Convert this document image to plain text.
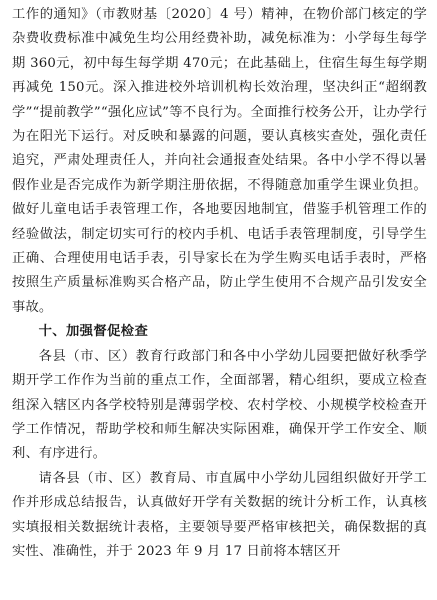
工作的通知》（市教财基〔2020〕4 号）精神，在物价部门核定的学杂费收费标准中减免生均公用经费补助，减免标准为：小学每生每学期 360元，初中每生每学期 470元；在此基础上，住宿生每生每学期再减免 150元。深入推进校外培训机构长效治理，坚决纠正“超纲教学”“提前教学”“强化应试”等不良行为。全面推行校务公开，让办学行为在阳光下运行。对反映和暴露的问题，要认真核实查处，强化责任追究，严肃处理责任人，并向社会通报查处结果。各中小学不得以暑假作业是否完成作为新学期注册依据，不得随意加重学生课业负担。做好儿童电话手表管理工作，各地要因地制宜，借鉴手机管理工作的经验做法，制定切实可行的校内手机、电话手表管理制度，引导学生正确、合理使用电话手表，引导家长在为学生购买电话手表时，严格按照生产质量标准购买合格产品，防止学生使用不合规产品引发安全事故。

十、加强督促检查

各县（市、区）教育行政部门和各中小学幼儿园要把做好秋季学期开学工作作为当前的重点工作，全面部署，精心组织，要成立检查组深入辖区内各学校特别是薄弱学校、农村学校、小规模学校检查开学工作情况，帮助学校和师生解决实际困难，确保开学工作安全、顺利、有序进行。

请各县（市、区）教育局、市直属中小学幼儿园组织做好开学工作并形成总结报告，认真做好开学有关数据的统计分析工作，认真核实填报相关数据统计表格，主要领导要严格审核把关，确保数据的真实性、准确性，并于 2023 年 9 月 17 日前将本辖区开
